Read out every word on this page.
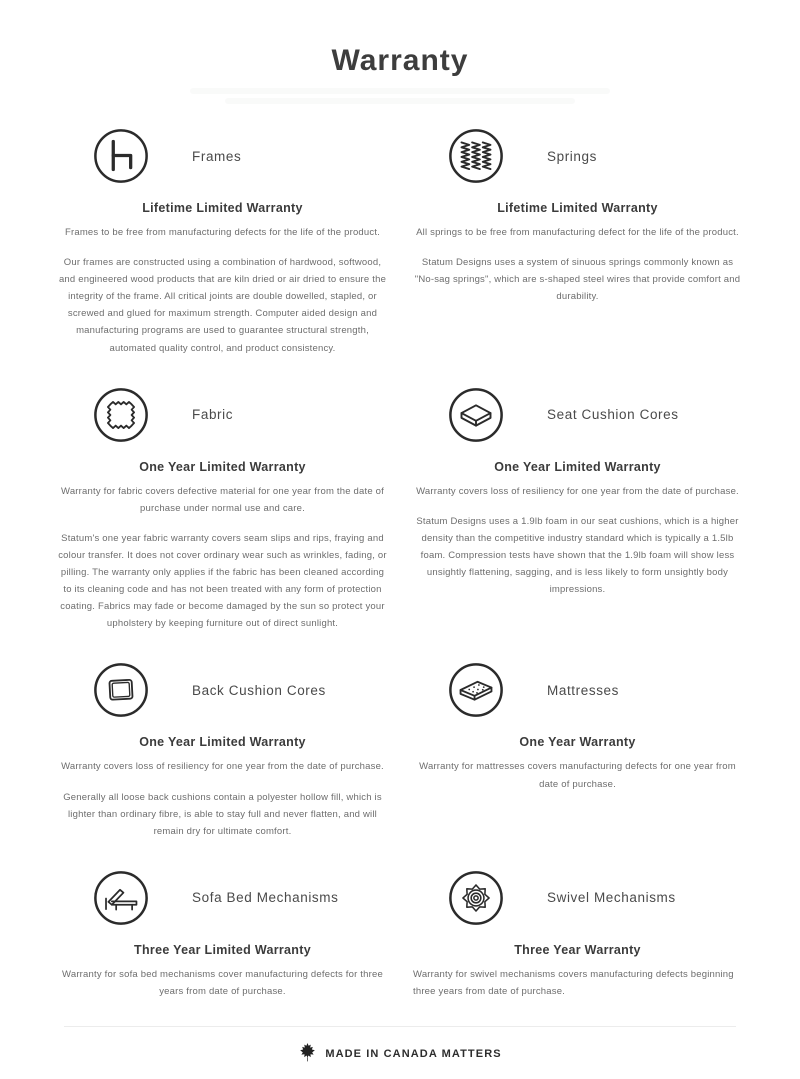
Warranty
Frames
Lifetime Limited Warranty

Frames to be free from manufacturing defects for the life of the product.

Our frames are constructed using a combination of hardwood, softwood, and engineered wood products that are kiln dried or air dried to ensure the integrity of the frame. All critical joints are double dowelled, stapled, or screwed and glued for maximum strength. Computer aided design and manufacturing programs are used to guarantee structural strength, automated quality control, and product consistency.

Springs
Lifetime Limited Warranty

All springs to be free from manufacturing defect for the life of the product.

Statum Designs uses a system of sinuous springs commonly known as "No-sag springs", which are s-shaped steel wires that provide comfort and durability.

Fabric
One Year Limited Warranty

Warranty for fabric covers defective material for one year from the date of purchase under normal use and care.

Statum's one year fabric warranty covers seam slips and rips, fraying and colour transfer. It does not cover ordinary wear such as wrinkles, fading, or pilling. The warranty only applies if the fabric has been cleaned according to its cleaning code and has not been treated with any form of protection coating. Fabrics may fade or become damaged by the sun so protect your upholstery by keeping furniture out of direct sunlight.

Seat Cushion Cores
One Year Limited Warranty

Warranty covers loss of resiliency for one year from the date of purchase.

Statum Designs uses a 1.9lb foam in our seat cushions, which is a higher density than the competitive industry standard which is typically a 1.5lb foam. Compression tests have shown that the 1.9lb foam will show less unsightly flattening, sagging, and is less likely to form unsightly body impressions.

Back Cushion Cores
One Year Limited Warranty

Warranty covers loss of resiliency for one year from the date of purchase.

Generally all loose back cushions contain a polyester hollow fill, which is lighter than ordinary fibre, is able to stay full and never flatten, and will remain dry for ultimate comfort.

Mattresses
One Year Warranty

Warranty for mattresses covers manufacturing defects for one year from date of purchase.

Sofa Bed Mechanisms
Three Year Limited Warranty

Warranty for sofa bed mechanisms cover manufacturing defects for three years from date of purchase.

Swivel Mechanisms
Three Year Warranty

Warranty for swivel mechanisms covers manufacturing defects beginning three years from date of purchase.

MADE IN CANADA MATTERS
